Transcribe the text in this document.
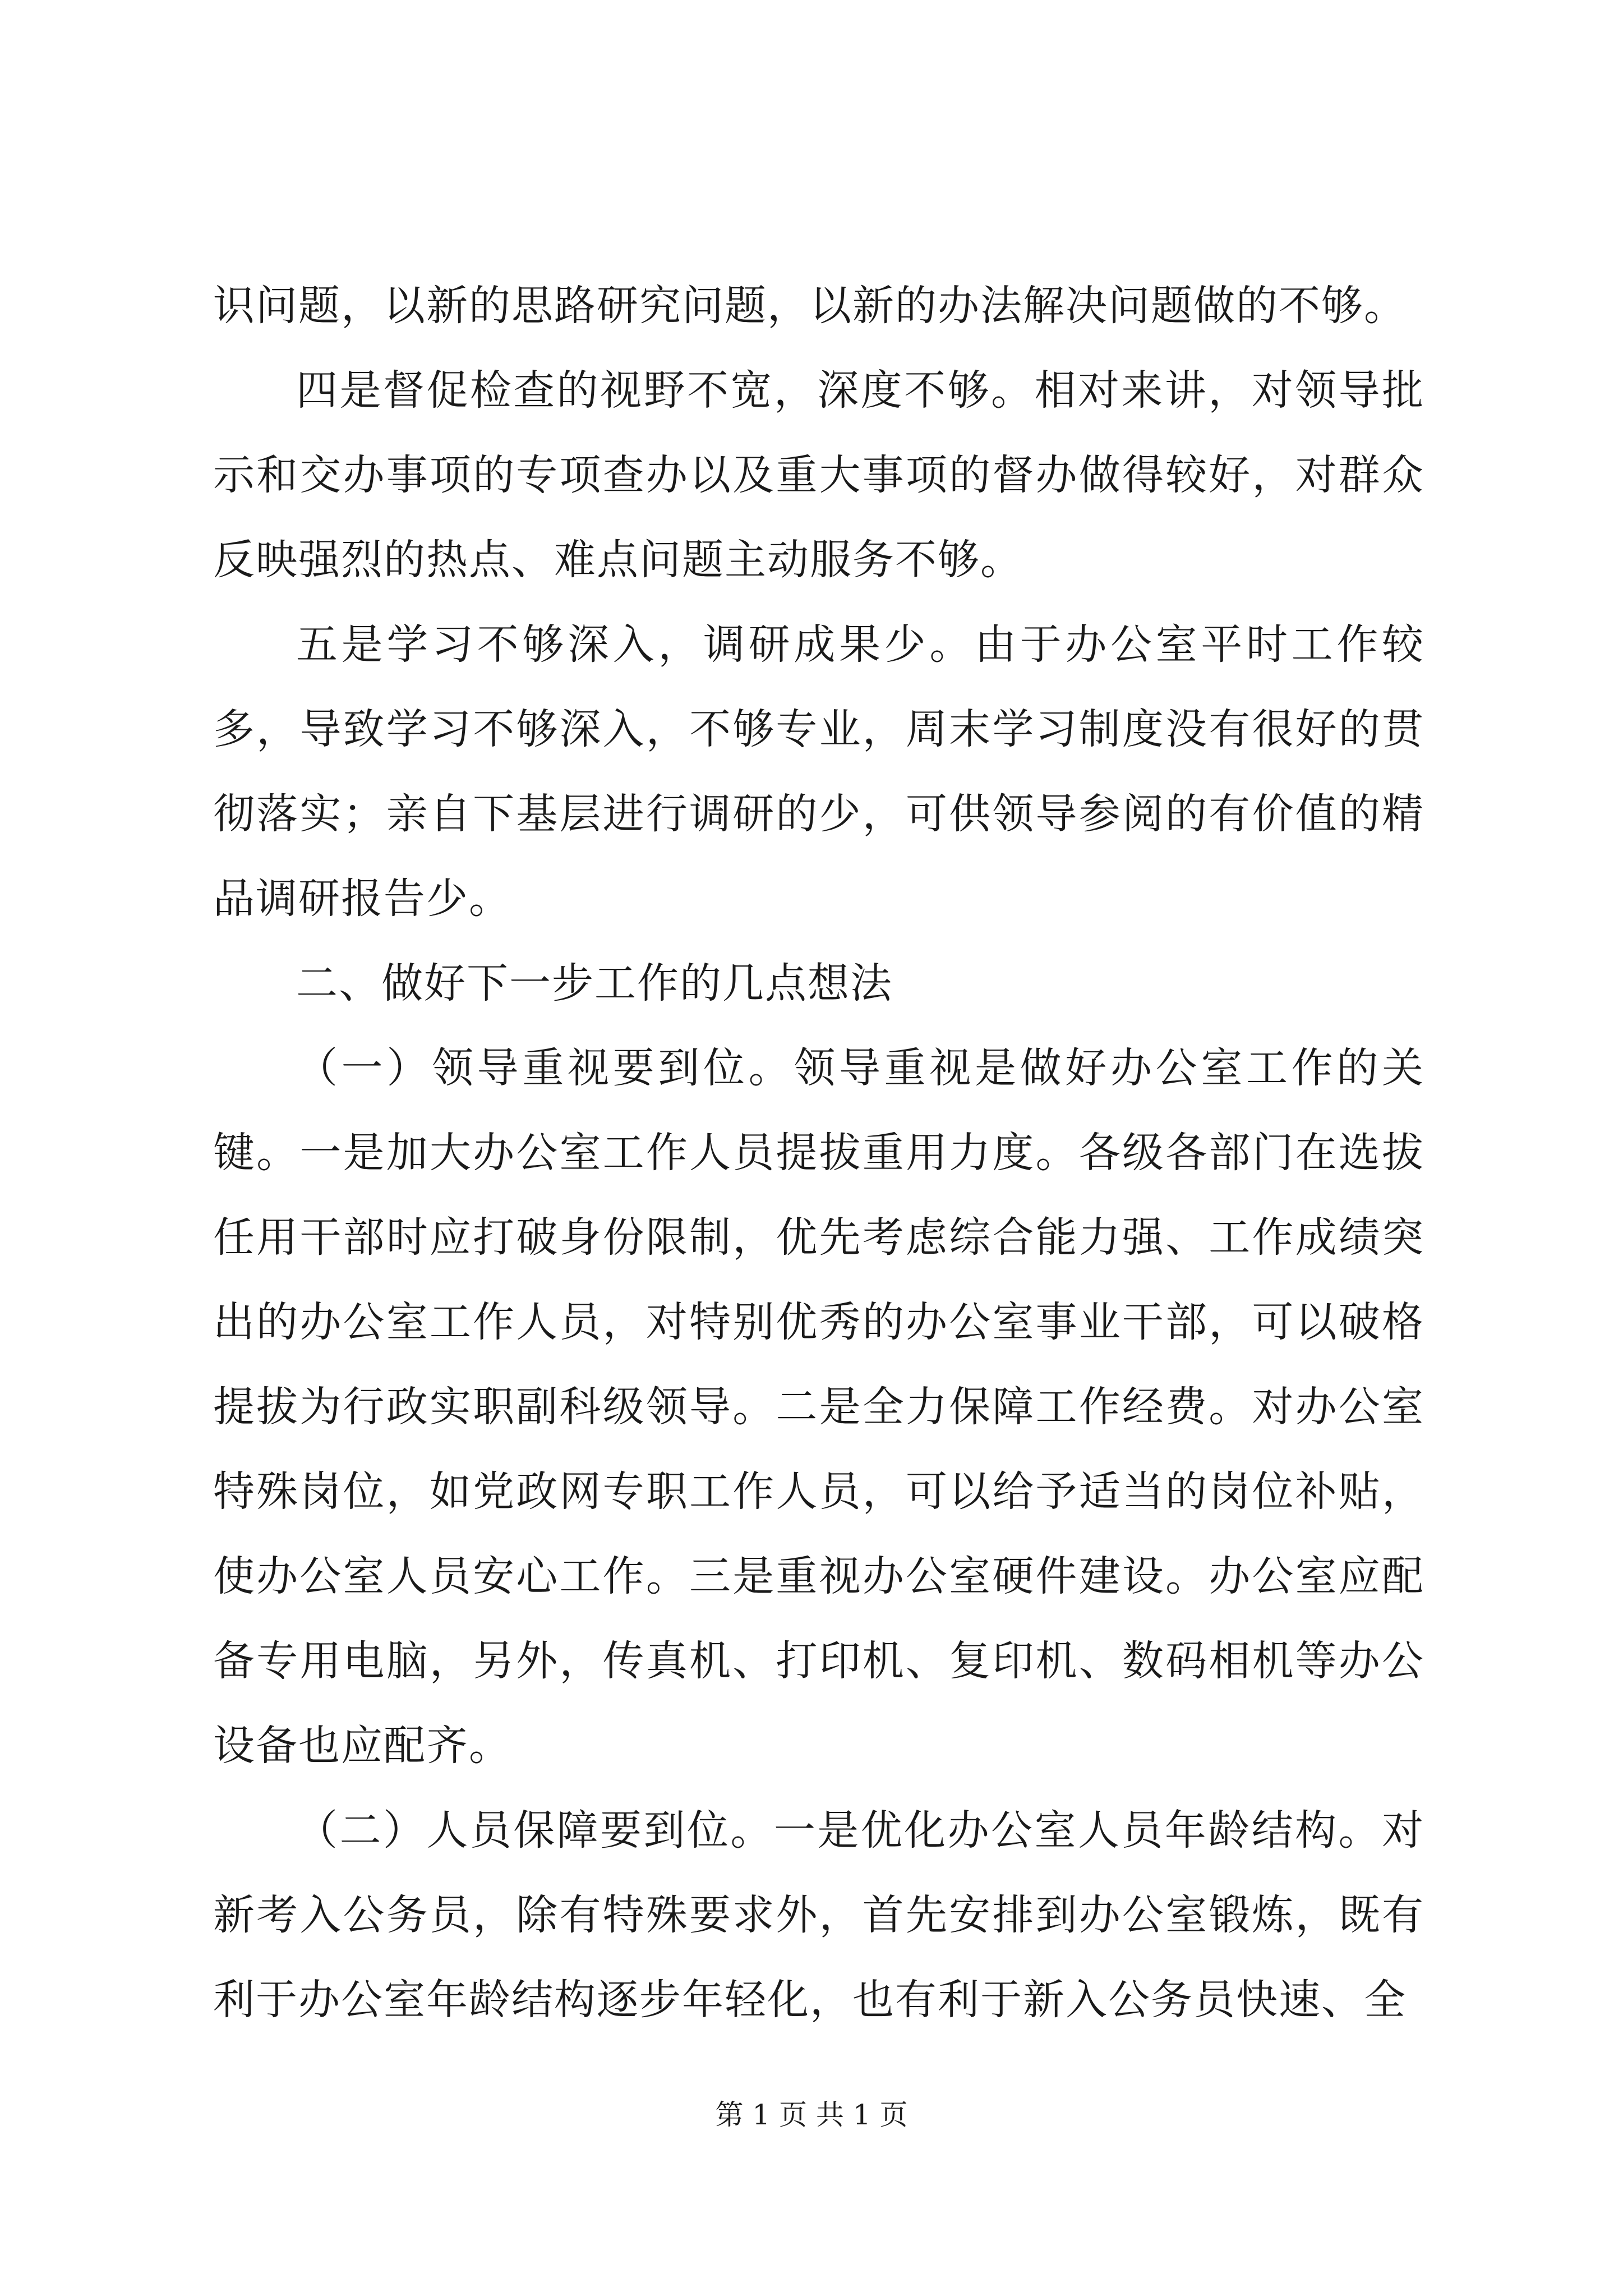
识问题，以新的思路研究问题，以新的办法解决问题做的不够。

四是督促检查的视野不宽，深度不够。相对来讲，对领导批示和交办事项的专项查办以及重大事项的督办做得较好，对群众反映强烈的热点、难点问题主动服务不够。

五是学习不够深入，调研成果少。由于办公室平时工作较多，导致学习不够深入，不够专业，周末学习制度没有很好的贯彻落实；亲自下基层进行调研的少，可供领导参阅的有价值的精品调研报告少。

二、做好下一步工作的几点想法

（一）领导重视要到位。领导重视是做好办公室工作的关键。一是加大办公室工作人员提拔重用力度。各级各部门在选拔任用干部时应打破身份限制，优先考虑综合能力强、工作成绩突出的办公室工作人员，对特别优秀的办公室事业干部，可以破格提拔为行政实职副科级领导。二是全力保障工作经费。对办公室特殊岗位，如党政网专职工作人员，可以给予适当的岗位补贴，使办公室人员安心工作。三是重视办公室硬件建设。办公室应配备专用电脑，另外，传真机、打印机、复印机、数码相机等办公设备也应配齐。

（二）人员保障要到位。一是优化办公室人员年龄结构。对新考入公务员，除有特殊要求外，首先安排到办公室锻炼，既有利于办公室年龄结构逐步年轻化，也有利于新入公务员快速、全

第 1 页 共 1 页
